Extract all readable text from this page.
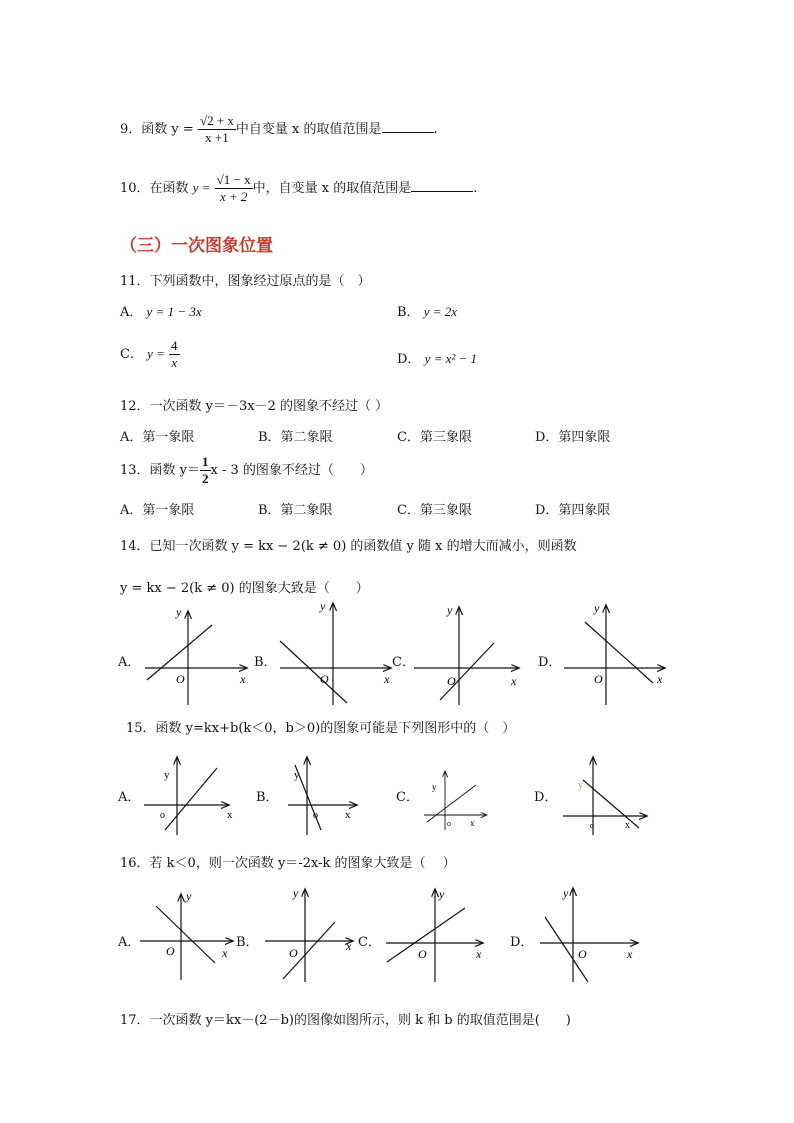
9．函数 $y = \frac{√2 + x}{x +1}$ 中自变量 x 的取值范围是	.
10．在函数 $y = \frac{√1 - x}{x + 2}$ 中，自变量 x 的取值范围是	.
（三）一次图象位置
11．下列函数中，图象经过原点的是（　）
A． y = 1 − 3x	B． y = 2x
C． $y = \frac{4}{x}$	D． y = x² − 1
12．一次函数 y＝－3x－2 的图象不经过（ ）
A．第一象限	B．第二象限	C．第三象限	D．第四象限
13．函数 $y= \frac{1}{2}$ x - 3 的图象不经过（　　）
A．第一象限	B．第二象限	C．第三象限	D．第四象限
14．已知一次函数 y = kx − 2(k ≠ 0) 的函数值 y 随 x 的增大而减小，则函数
y = kx − 2(k ≠ 0) 的图象大致是（　　）
A．	B．	C．	D．
y
x
O
y
x
O
y
x
O
y
x
O
y
x
o
y
x
o
y
x
o
y
x
o
y
x
O
y
x
O
y
x
O
y
x
O
15．函数 y=kx+b(k＜0，b＞0)的图象可能是下列图形中的（　）
A．	B．	C．	D．
16．若 k＜0，则一次函数 y＝-2x-k 的图象大致是（　 ）
A．	B．	C．	D．
17．一次函数 y＝kx－(2－b)的图像如图所示，则 k 和 b 的取值范围是(　　)
